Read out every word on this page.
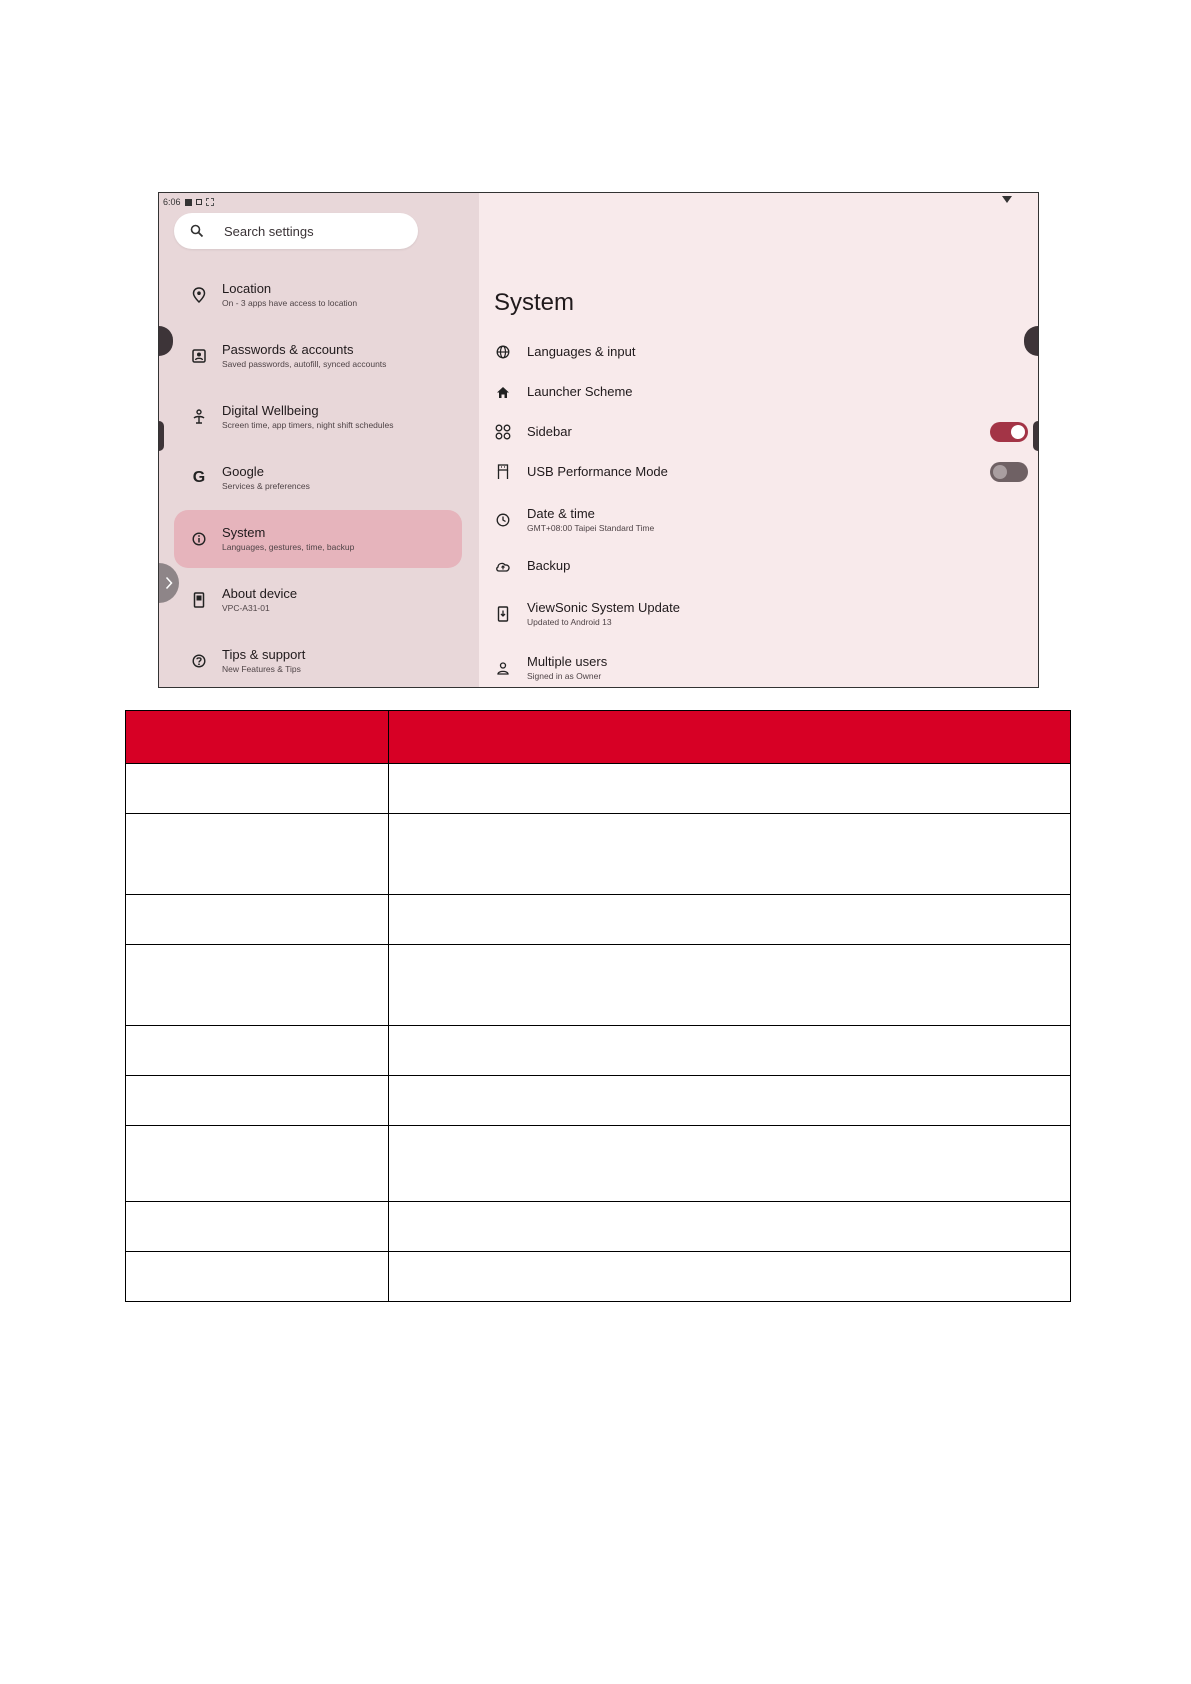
6:06
Search settings
Location
On - 3 apps have access to location
Passwords & accounts
Saved passwords, autofill, synced accounts
Digital Wellbeing
Screen time, app timers, night shift schedules
G Google
Services & preferences
System
Languages, gestures, time, backup
About device
VPC-A31-01
Tips & support
New Features & Tips
System
Languages & input
Launcher Scheme
Sidebar
USB Performance Mode
Date & time
GMT+08:00 Taipei Standard Time
Backup
ViewSonic System Update
Updated to Android 13
Multiple users
Signed in as Owner
